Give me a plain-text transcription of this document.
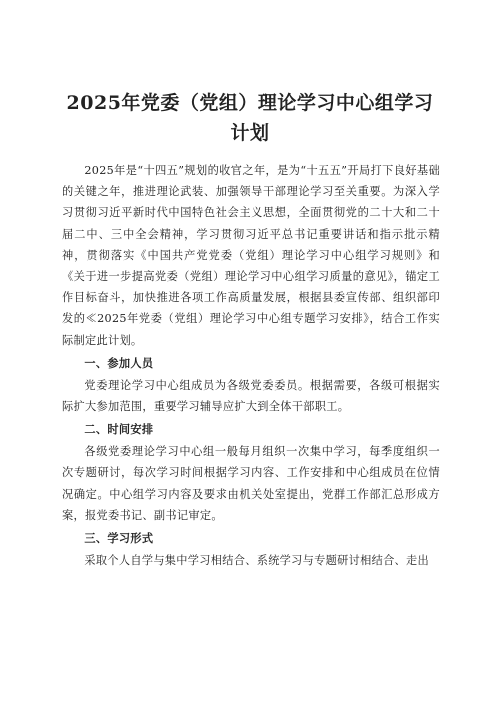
2025年党委（党组）理论学习中心组学习计划

2025年是“十四五”规划的收官之年，是为“十五五”开局打下良好基础的关键之年，推进理论武装、加强领导干部理论学习至关重要。为深入学习贯彻习近平新时代中国特色社会主义思想，全面贯彻党的二十大和二十届二中、三中全会精神，学习贯彻习近平总书记重要讲话和指示批示精神，贯彻落实《中国共产党党委（党组）理论学习中心组学习规则》和《关于进一步提高党委（党组）理论学习中心组学习质量的意见》，锚定工作目标奋斗，加快推进各项工作高质量发展，根据县委宣传部、组织部印发的≪2025年党委（党组）理论学习中心组专题学习安排》，结合工作实际制定此计划。

一、参加人员

党委理论学习中心组成员为各级党委委员。根据需要，各级可根据实际扩大参加范围，重要学习辅导应扩大到全体干部职工。

二、时间安排

各级党委理论学习中心组一般每月组织一次集中学习，每季度组织一次专题研讨，每次学习时间根据学习内容、工作安排和中心组成员在位情况确定。中心组学习内容及要求由机关处室提出，党群工作部汇总形成方案，报党委书记、副书记审定。

三、学习形式

采取个人自学与集中学习相结合、系统学习与专题研讨相结合、走出
